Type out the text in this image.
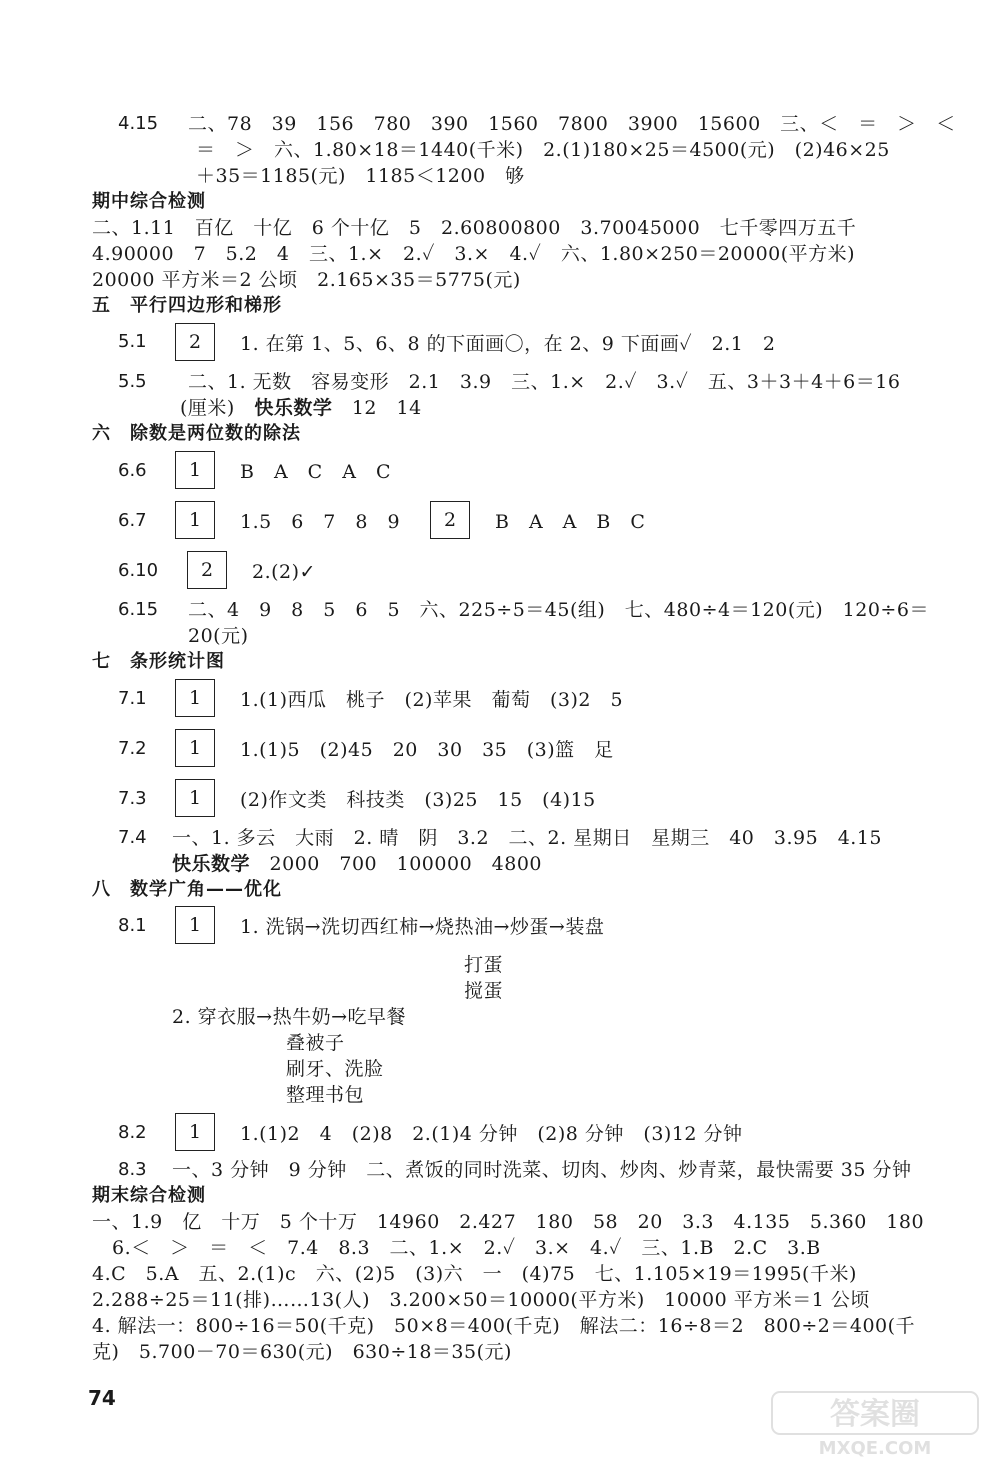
4.15 二、78　39　156　780　390　1560　7800　3900　15600　三、＜　＝　＞　＜
＝　＞　六、1.80×18＝1440(千米)　2.(1)180×25＝4500(元)　(2)46×25
＋35＝1185(元)　1185＜1200　够
期中综合检测
二、1.11　百亿　十亿　6 个十亿　5　2.60800800　3.70045000　七千零四万五千
4.90000　7　5.2　4　三、1.×　2.✓　3.×　4.✓　六、1.80×250＝20000(平方米)
20000 平方米＝2 公顷　2.165×35＝5775(元)
五　平行四边形和梯形
5.1	2	1. 在第 1、5、6、8 的下面画〇，在 2、9 下面画✓　2.1　2
5.5 二、1. 无数　容易变形　2.1　3.9　三、1.×　2.✓　3.✓　五、3＋3＋4＋6＝16
(厘米)　快乐数学　12　14
六　除数是两位数的除法
6.6	1	B　A　C　A　C
6.7	1	1.5　6　7　8　9	2	B　A　A　B　C
6.10	2	2.(2)✓
6.15 二、4　9　8　5　6　5　六、225÷5＝45(组)　七、480÷4＝120(元)　120÷6＝
20(元)
七　条形统计图
7.1	1	1.(1)西瓜　桃子　(2)苹果　葡萄　(3)2　5
7.2	1	1.(1)5　(2)45　20　30　35　(3)篮　足
7.3	1	(2)作文类　科技类　(3)25　15　(4)15
7.4 一、1. 多云　大雨　2. 晴　阴　3.2　二、2. 星期日　星期三　40　3.95　4.15
快乐数学　2000　700　100000　4800
八　数学广角——优化
8.1	1	1. 洗锅→洗切西红柿→烧热油→炒蛋→装盘
打蛋
搅蛋
2. 穿衣服→热牛奶→吃早餐
叠被子
刷牙、洗脸
整理书包
8.2	1	1.(1)2　4　(2)8　2.(1)4 分钟　(2)8 分钟　(3)12 分钟
8.3 一、3 分钟　9 分钟　二、煮饭的同时洗菜、切肉、炒肉、炒青菜，最快需要 35 分钟
期末综合检测
一、1.9　亿　十万　5 个十万　14960　2.427　180　58　20　3.3　4.135　5.360　180
6.＜　＞　＝　＜　7.4　8.3　二、1.×　2.✓　3.×　4.✓　三、1.B　2.C　3.B
4.C　5.A　五、2.(1)c　六、(2)5　(3)六　一　(4)75　七、1.105×19＝1995(千米)
2.288÷25＝11(排)……13(人)　3.200×50＝10000(平方米)　10000 平方米＝1 公顷
4. 解法一：800÷16＝50(千克)　50×8＝400(千克)　解法二：16÷8＝2　800÷2＝400(千
克)　5.700－70＝630(元)　630÷18＝35(元)
74	答案圈
MXQE.COM
